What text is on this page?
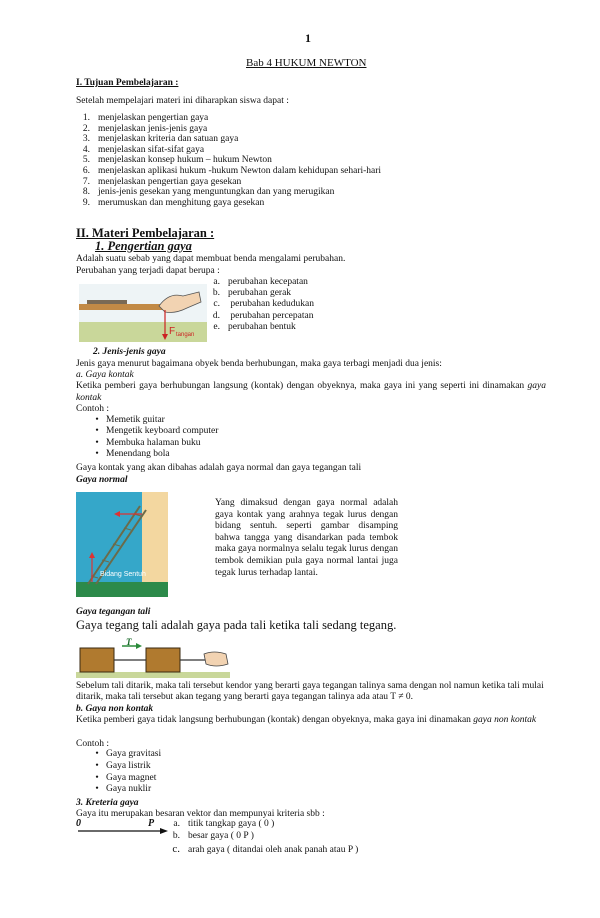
1
Bab 4 HUKUM NEWTON
I. Tujuan Pembelajaran :
Setelah mempelajari materi ini diharapkan siswa dapat :
1. menjelaskan pengertian gaya
2. menjelaskan jenis-jenis gaya
3. menjelaskan kriteria dan satuan gaya
4. menjelaskan sifat-sifat gaya
5. menjelaskan konsep hukum – hukum Newton
6. menjelaskan aplikasi hukum -hukum Newton dalam kehidupan sehari-hari
7. menjelaskan pengertian gaya gesekan
8. jenis-jenis gesekan yang menguntungkan dan yang merugikan
9. merumuskan dan menghitung gaya gesekan
II. Materi Pembelajaran :
1. Pengertian gaya
Adalah suatu sebab yang dapat membuat benda mengalami perubahan.
Perubahan yang terjadi dapat berupa :
F tangan
a. perubahan kecepatan
b. perubahan gerak
c. perubahan kedudukan
d. perubahan percepatan
e. perubahan bentuk
2. Jenis-jenis gaya
Jenis gaya menurut bagaimana obyek benda berhubungan, maka gaya terbagi menjadi dua jenis:
a. Gaya kontak
Ketika pemberi gaya berhubungan langsung (kontak) dengan obyeknya, maka gaya ini yang seperti ini dinamakan gaya kontak
Contoh :
• Memetik guitar
• Mengetik keyboard computer
• Membuka halaman buku
• Menendang bola
Gaya kontak yang akan dibahas adalah gaya normal dan gaya tegangan tali
Gaya normal
Bidang Sentuh
Yang dimaksud dengan gaya normal adalah gaya kontak yang arahnya tegak lurus dengan bidang sentuh. seperti gambar disamping bahwa tangga yang disandarkan pada tembok maka gaya normalnya selalu tegak lurus dengan tembok demikian pula gaya normal lantai juga tegak lurus terhadap lantai.
Gaya tegangan tali
Gaya tegang tali adalah gaya pada tali ketika tali sedang tegang.
T
Sebelum tali ditarik, maka tali tersebut kendor yang berarti gaya tegangan talinya sama dengan nol namun ketika tali mulai ditarik, maka tali tersebut akan tegang yang berarti gaya tegangan talinya ada atau T ≠ 0.
b. Gaya non kontak
Ketika pemberi gaya tidak langsung berhubungan (kontak) dengan obyeknya, maka gaya ini dinamakan gaya non kontak
Contoh :
• Gaya gravitasi
• Gaya listrik
• Gaya magnet
• Gaya nuklir
3. Kreteria gaya
Gaya itu merupakan besaran vektor dan mempunyai kriteria sbb :
0	P	a. titik tangkap gaya ( 0 )
b. besar gaya ( 0 P )
c. arah gaya ( ditandai oleh anak panah atau P )
